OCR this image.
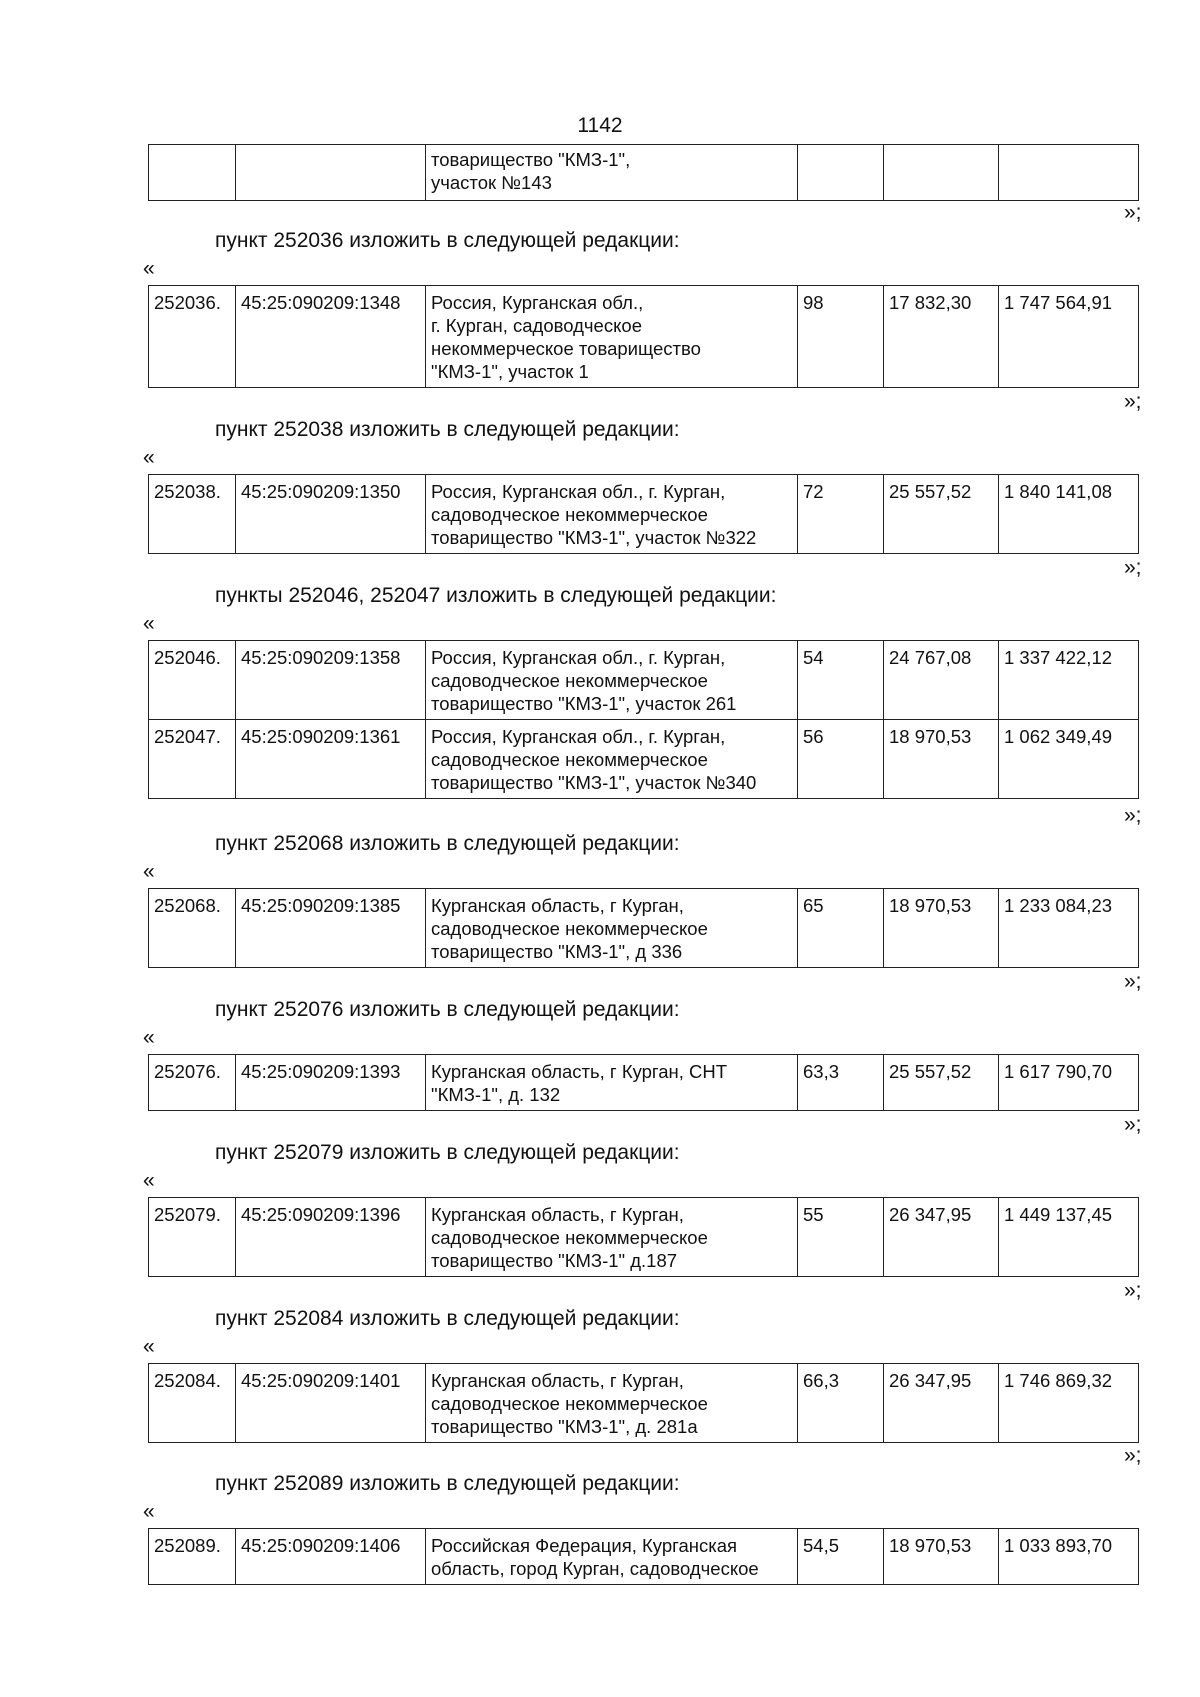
1142

товарищество "КМЗ-1",
участок №143

»;
пункт 252036 изложить в следующей редакции:
«
252036.	45:25:090209:1348	Россия, Курганская обл.,
г. Курган, садоводческое
некоммерческое товарищество
"КМЗ-1", участок 1
	98	17 832,30	1 747 564,91
»;
пункт 252038 изложить в следующей редакции:
«
252038.	45:25:090209:1350	Россия, Курганская обл., г. Курган,
садоводческое некоммерческое
товарищество "КМЗ-1", участок №322
	72	25 557,52	1 840 141,08
»;
пункты 252046, 252047 изложить в следующей редакции:
«
252046.	45:25:090209:1358	Россия, Курганская обл., г. Курган,
садоводческое некоммерческое
товарищество "КМЗ-1", участок 261	54	24 767,08	1 337 422,12
252047.	45:25:090209:1361	Россия, Курганская обл., г. Курган,
садоводческое некоммерческое
товарищество "КМЗ-1", участок №340	56	18 970,53	1 062 349,49
»;
пункт 252068 изложить в следующей редакции:
«
252068.	45:25:090209:1385	Курганская область, г Курган,
садоводческое некоммерческое
товарищество "КМЗ-1", д 336
	65	18 970,53	1 233 084,23
»;
пункт 252076 изложить в следующей редакции:
«
252076.	45:25:090209:1393	Курганская область, г Курган, СНТ
"КМЗ-1", д. 132
	63,3	25 557,52	1 617 790,70
»;
пункт 252079 изложить в следующей редакции:
«
252079.	45:25:090209:1396	Курганская область, г Курган,
садоводческое некоммерческое
товарищество "КМЗ-1" д.187
	55	26 347,95	1 449 137,45
»;
пункт 252084 изложить в следующей редакции:
«
252084.	45:25:090209:1401	Курганская область, г Курган,
садоводческое некоммерческое
товарищество "КМЗ-1", д. 281а
	66,3	26 347,95	1 746 869,32
»;
пункт 252089 изложить в следующей редакции:
«
252089.	45:25:090209:1406	Российская Федерация, Курганская
область, город Курган, садоводческое
	54,5	18 970,53	1 033 893,70
